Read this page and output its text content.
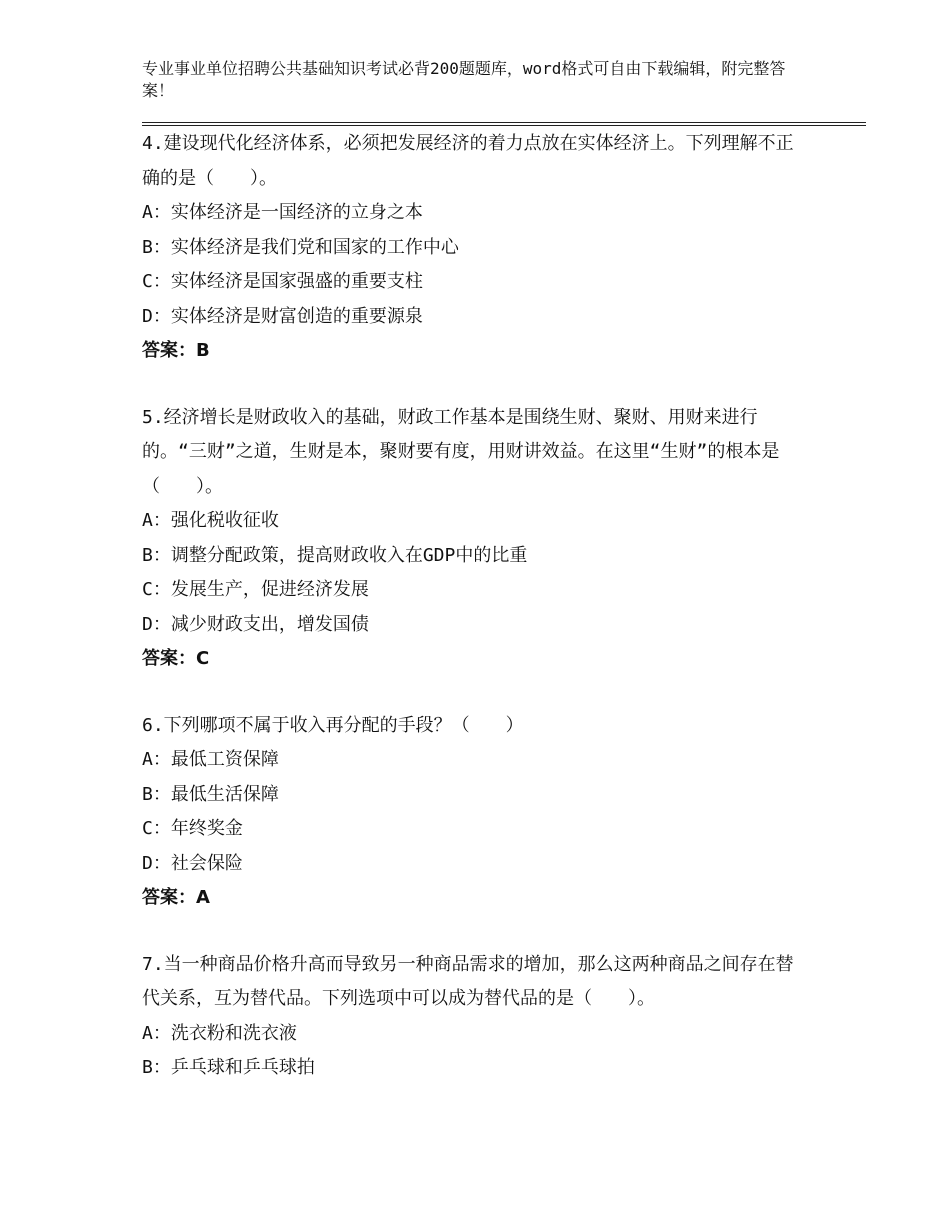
专业事业单位招聘公共基础知识考试必背200题题库，word格式可自由下载编辑，附完整答案！

4.建设现代化经济体系，必须把发展经济的着力点放在实体经济上。下列理解不正确的是（　　）。

A：实体经济是一国经济的立身之本

B：实体经济是我们党和国家的工作中心

C：实体经济是国家强盛的重要支柱

D：实体经济是财富创造的重要源泉

答案：B

5.经济增长是财政收入的基础，财政工作基本是围绕生财、聚财、用财来进行的。“三财”之道，生财是本，聚财要有度，用财讲效益。在这里“生财”的根本是（　　）。

A：强化税收征收

B：调整分配政策，提高财政收入在GDP中的比重

C：发展生产，促进经济发展

D：减少财政支出，增发国债

答案：C

6.下列哪项不属于收入再分配的手段？（　　）

A：最低工资保障

B：最低生活保障

C：年终奖金

D：社会保险

答案：A

7.当一种商品价格升高而导致另一种商品需求的增加，那么这两种商品之间存在替代关系，互为替代品。下列选项中可以成为替代品的是（　　）。

A：洗衣粉和洗衣液

B：乒乓球和乒乓球拍
